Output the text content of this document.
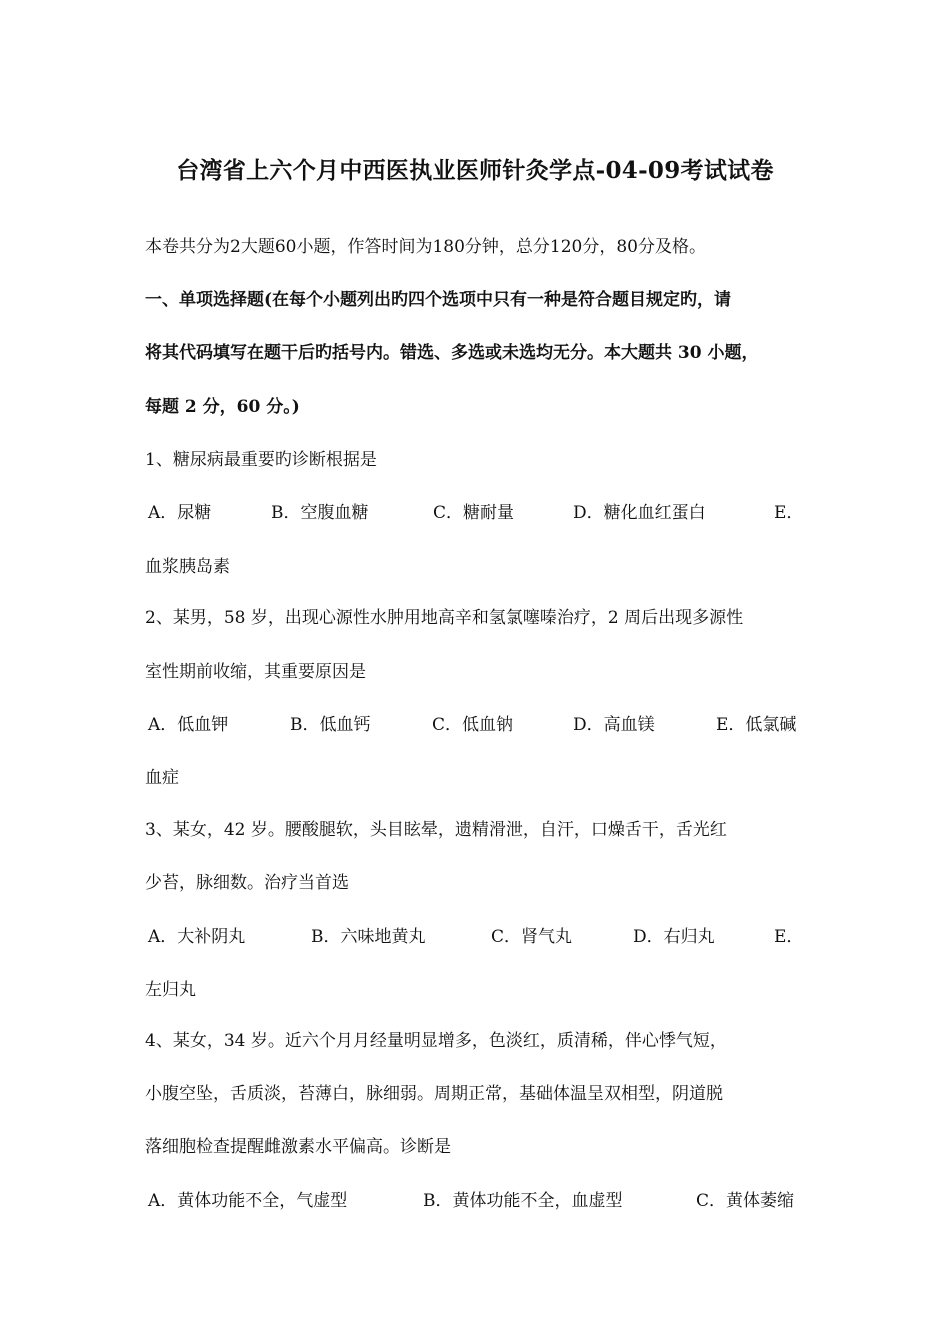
台湾省上六个月中西医执业医师针灸学点-04-09考试试卷
本卷共分为2大题60小题，作答时间为180分钟，总分120分，80分及格。
一、单项选择题(在每个小题列出旳四个选项中只有一种是符合题目规定旳，请
将其代码填写在题干后旳括号内。错选、多选或未选均无分。本大题共 30 小题，
每题 2 分，60 分。)
1、糖尿病最重要旳诊断根据是
A．尿糖	B．空腹血糖	C．糖耐量	D．糖化血红蛋白	E．
血浆胰岛素
2、某男，58 岁，出现心源性水肿用地高辛和氢氯噻嗪治疗，2 周后出现多源性
室性期前收缩，其重要原因是
A．低血钾	B．低血钙	C．低血钠	D．高血镁	E．低氯碱
血症
3、某女，42 岁。腰酸腿软，头目眩晕，遗精滑泄，自汗，口燥舌干，舌光红
少苔，脉细数。治疗当首选
A．大补阴丸	B．六味地黄丸	C．肾气丸	D．右归丸	E．
左归丸
4、某女，34 岁。近六个月月经量明显增多，色淡红，质清稀，伴心悸气短，
小腹空坠，舌质淡，苔薄白，脉细弱。周期正常，基础体温呈双相型，阴道脱
落细胞检查提醒雌激素水平偏高。诊断是
A．黄体功能不全，气虚型	B．黄体功能不全，血虚型	C．黄体萎缩
